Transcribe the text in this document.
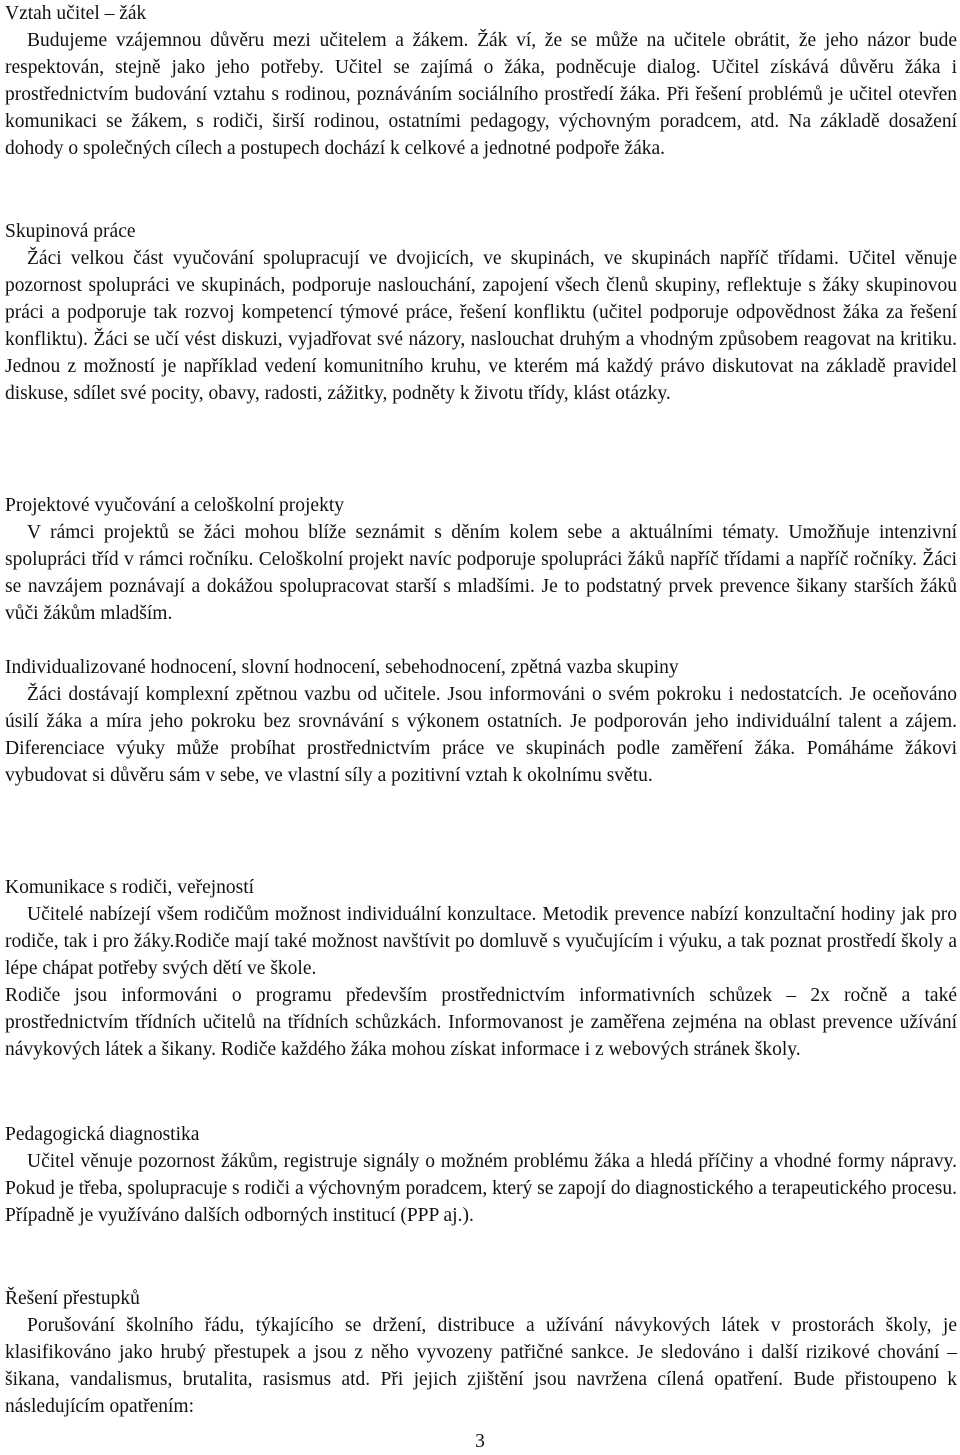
Vztah učitel – žák

Budujeme vzájemnou důvěru mezi učitelem a žákem. Žák ví, že se může na učitele obrátit, že jeho názor bude respektován, stejně jako jeho potřeby. Učitel se zajímá o žáka, podněcuje dialog. Učitel získává důvěru žáka i prostřednictvím budování vztahu s rodinou, poznáváním sociálního prostředí žáka. Při řešení problémů je učitel otevřen komunikaci se žákem, s rodiči, širší rodinou, ostatními pedagogy, výchovným poradcem, atd. Na základě dosažení dohody o společných cílech a postupech dochází k celkové a jednotné podpoře žáka.

Skupinová práce

Žáci velkou část vyučování spolupracují ve dvojicích, ve skupinách, ve skupinách napříč třídami. Učitel věnuje pozornost spolupráci ve skupinách, podporuje naslouchání, zapojení všech členů skupiny, reflektuje s žáky skupinovou práci a podporuje tak rozvoj kompetencí týmové práce, řešení konfliktu (učitel podporuje odpovědnost žáka za řešení konfliktu). Žáci se učí vést diskuzi, vyjadřovat své názory, naslouchat druhým a vhodným způsobem reagovat na kritiku. Jednou z možností je například vedení komunitního kruhu, ve kterém má každý právo diskutovat na základě pravidel diskuse, sdílet své pocity, obavy, radosti, zážitky, podněty k životu třídy, klást otázky.

Projektové vyučování a celoškolní projekty

V rámci projektů se žáci mohou blíže seznámit s děním kolem sebe a aktuálními tématy. Umožňuje intenzivní spolupráci tříd v rámci ročníku. Celoškolní projekt navíc podporuje spolupráci žáků napříč třídami a napříč ročníky. Žáci se navzájem poznávají a dokážou spolupracovat starší s mladšími. Je to podstatný prvek prevence šikany starších žáků vůči žákům mladším.

Individualizované hodnocení, slovní hodnocení, sebehodnocení, zpětná vazba skupiny

Žáci dostávají komplexní zpětnou vazbu od učitele. Jsou informováni o svém pokroku i nedostatcích. Je oceňováno úsilí žáka a míra jeho pokroku bez srovnávání s výkonem ostatních. Je podporován jeho individuální talent a zájem. Diferenciace výuky může probíhat prostřednictvím práce ve skupinách podle zaměření žáka. Pomáháme žákovi vybudovat si důvěru sám v sebe, ve vlastní síly a pozitivní vztah k okolnímu světu.

Komunikace s rodiči, veřejností

Učitelé nabízejí všem rodičům možnost individuální konzultace. Metodik prevence nabízí konzultační hodiny jak pro rodiče, tak i pro žáky.Rodiče mají také možnost navštívit po domluvě s vyučujícím i výuku, a tak poznat prostředí školy a lépe chápat potřeby svých dětí ve škole.

Rodiče jsou informováni o programu především prostřednictvím informativních schůzek – 2x ročně a také prostřednictvím třídních učitelů na třídních schůzkách. Informovanost je zaměřena zejména na oblast prevence užívání návykových látek a šikany. Rodiče každého žáka mohou získat informace i z webových stránek školy.

Pedagogická diagnostika

Učitel věnuje pozornost žákům, registruje signály o možném problému žáka a hledá příčiny a vhodné formy nápravy. Pokud je třeba, spolupracuje s rodiči a výchovným poradcem, který se zapojí do diagnostického a terapeutického procesu. Případně je využíváno dalších odborných institucí (PPP aj.).

Řešení přestupků

Porušování školního řádu, týkajícího se držení, distribuce a užívání návykových látek v prostorách školy, je klasifikováno jako hrubý přestupek a jsou z něho vyvozeny patřičné sankce. Je sledováno i další rizikové chování – šikana, vandalismus, brutalita, rasismus atd. Při jejich zjištění jsou navržena cílená opatření. Bude přistoupeno k následujícím opatřením:

3
